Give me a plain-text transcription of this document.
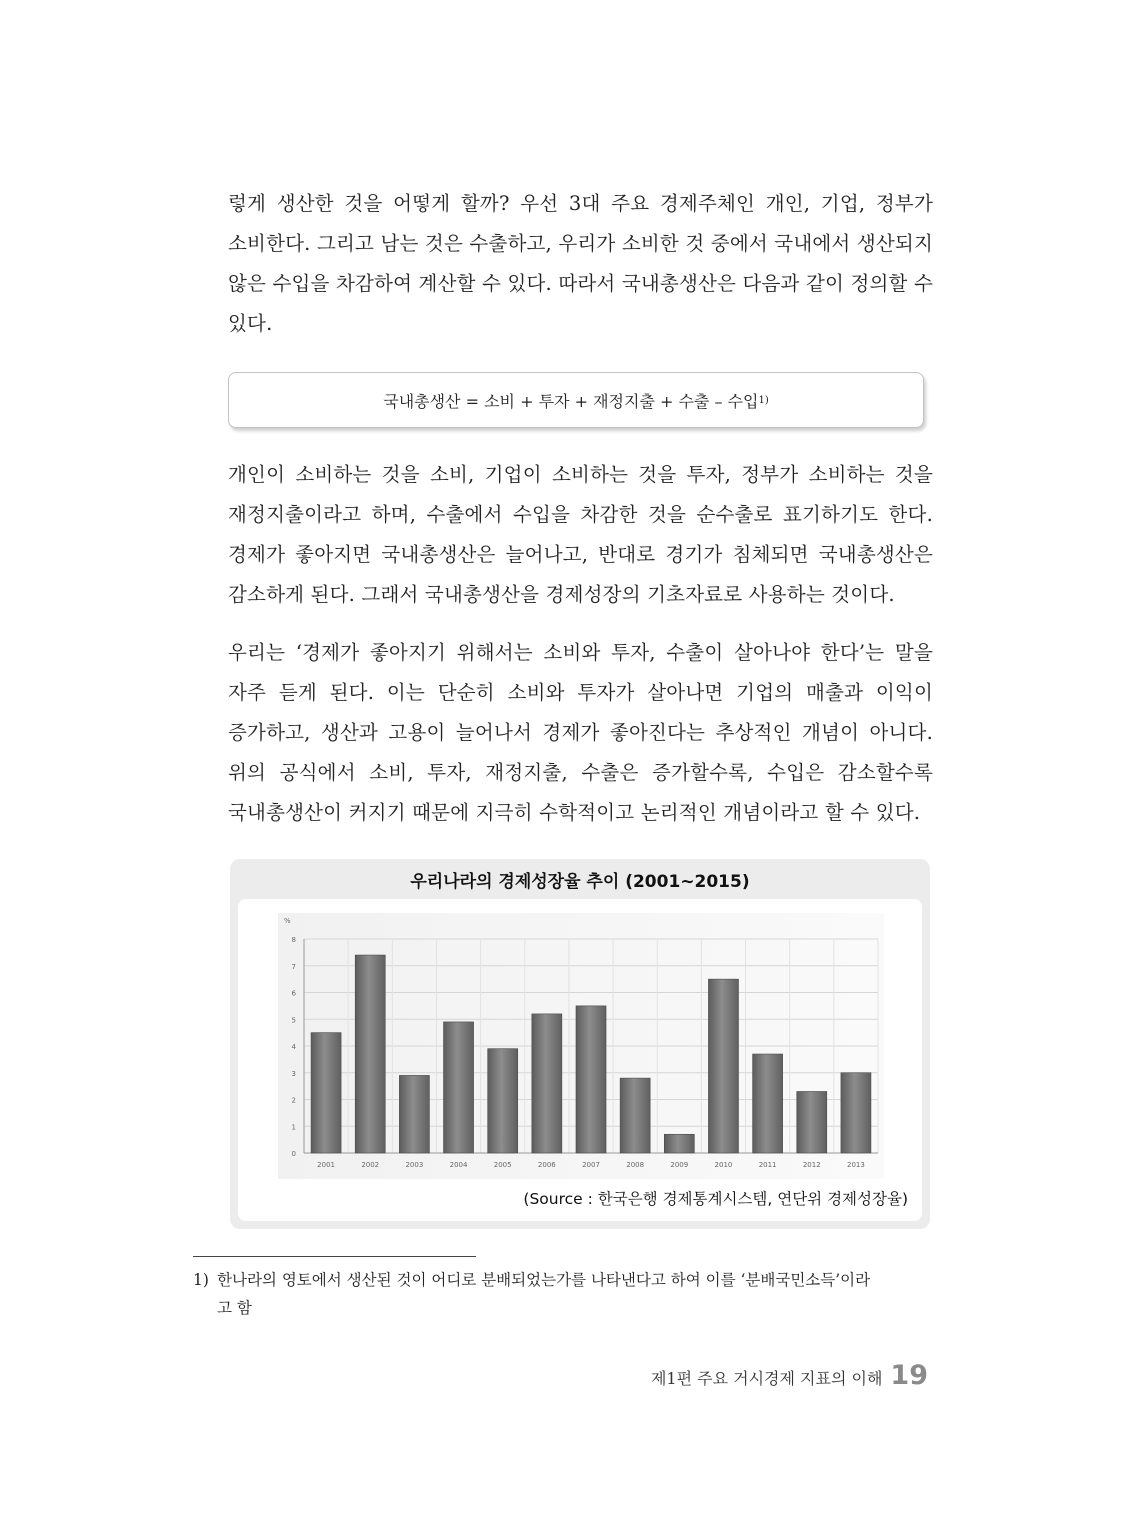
렇게 생산한 것을 어떻게 할까? 우선 3대 주요 경제주체인 개인, 기업, 정부가 소비한다. 그리고 남는 것은 수출하고, 우리가 소비한 것 중에서 국내에서 생산되지 않은 수입을 차감하여 계산할 수 있다. 따라서 국내총생산은 다음과 같이 정의할 수 있다.
국내총생산 = 소비 + 투자 + 재정지출 + 수출 – 수입 1)
개인이 소비하는 것을 소비, 기업이 소비하는 것을 투자, 정부가 소비하는 것을 재정지출이라고 하며, 수출에서 수입을 차감한 것을 순수출로 표기하기도 한다. 경제가 좋아지면 국내총생산은 늘어나고, 반대로 경기가 침체되면 국내총생산은 감소하게 된다. 그래서 국내총생산을 경제성장의 기초자료로 사용하는 것이다.
우리는 ‘경제가 좋아지기 위해서는 소비와 투자, 수출이 살아나야 한다’는 말을 자주 듣게 된다. 이는 단순히 소비와 투자가 살아나면 기업의 매출과 이익이 증가하고, 생산과 고용이 늘어나서 경제가 좋아진다는 추상적인 개념이 아니다. 위의 공식에서 소비, 투자, 재정지출, 수출은 증가할수록, 수입은 감소할수록 국내총생산이 커지기 때문에 지극히 수학적이고 논리적인 개념이라고 할 수 있다.
우리나라의 경제성장율 추이 (2001∼2015)
0
1
2
3
4
5
6
7
8
%
2001	2002	2003	2004	2005	2006	2007	2008	2009	2010	2011	2012	2013
(Source : 한국은행 경제통계시스템, 연단위 경제성장율)
1) 한나라의 영토에서 생산된 것이 어디로 분배되었는가를 나타낸다고 하여 이를 ‘분배국민소득’이라
고 함
제1편 주요 거시경제 지표의 이해 19
